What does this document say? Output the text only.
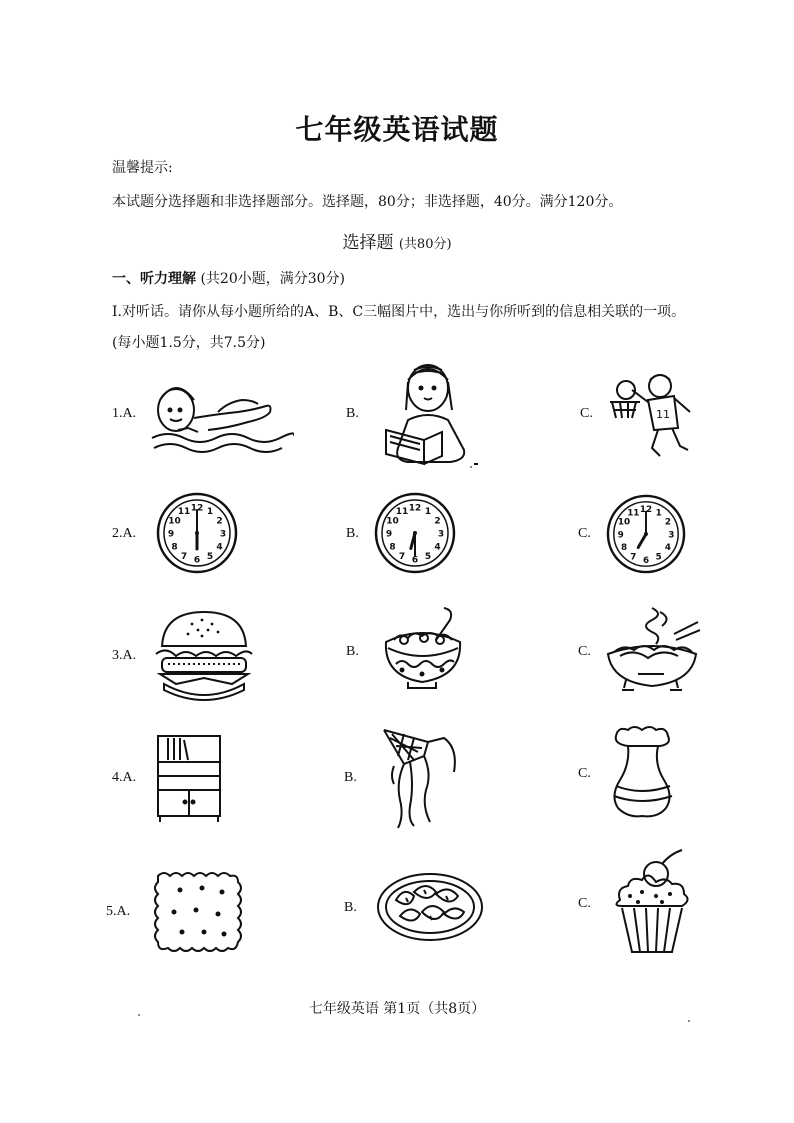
七年级英语试题
温馨提示:
本试题分选择题和非选择题部分。选择题，80分；非选择题，40分。满分120分。
选择题 (共80分)
一、听力理解 (共20小题，满分30分)
I.对听话。请你从每小题所给的A、B、C三幅图片中，选出与你所听到的信息相关联的一项。
(每小题1.5分，共7.5分)
1.A.	B.	C.	11
2.A.
1
2
3
4
5
6
7
8
9
10
11 12
B.
1
2
3
4
5
6
7
8
9
10
11 12
C.
1
2
3
4
5
6
7
8
9
10
11 12
3.A.	B.	C.
4.A.	B.	C.
5.A.	B.	C.
七年级英语 第1页（共8页）
